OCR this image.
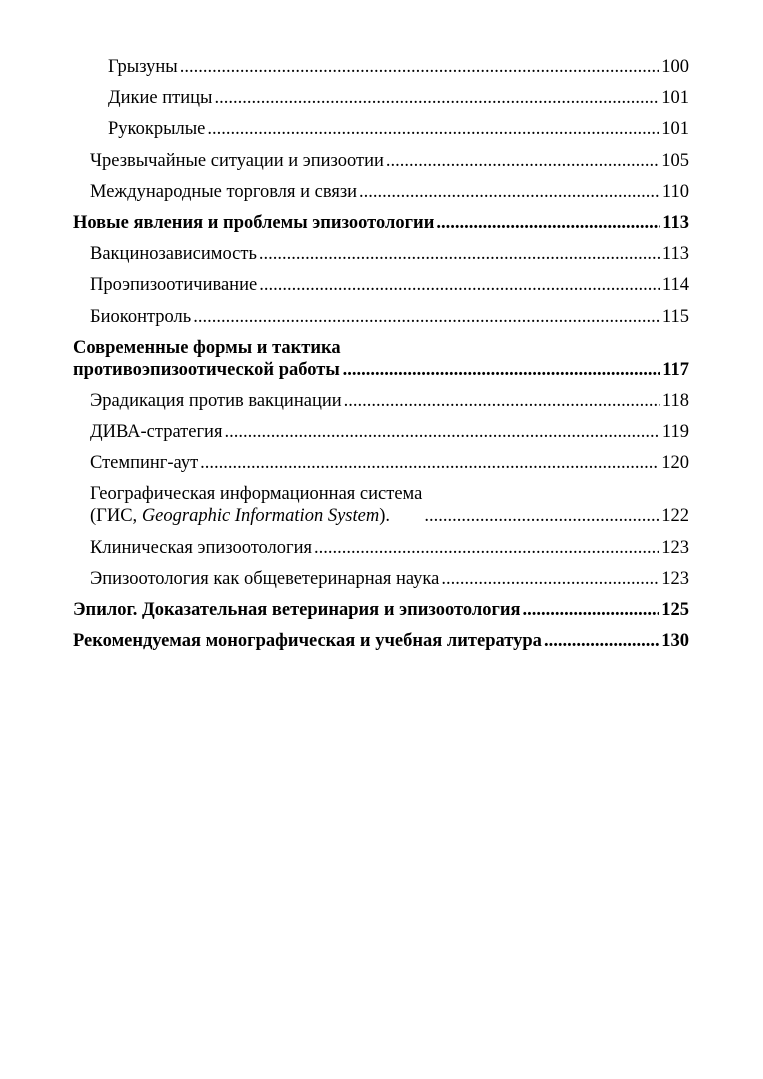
Грызуны .....	100
Дикие птицы .....	101
Рукокрылые .....	101
Чрезвычайные ситуации и эпизоотии .....	105
Международные торговля и связи .....	110
Новые явления и проблемы эпизоотологии .....	113
Вакцинозависимость .....	113
Проэпизоотичивание .....	114
Биоконтроль .....	115
Современные формы и тактика
противоэпизоотической работы .....	117
Эрадикация против вакцинации .....	118
ДИВА-стратегия .....	119
Стемпинг-аут .....	120
Географическая информационная система
(ГИС, Geographic Information System). .....	122
Клиническая эпизоотология .....	123
Эпизоотология как общеветеринарная наука .....	123
Эпилог. Доказательная ветеринария и эпизоотология .....	125
Рекомендуемая монографическая и учебная литература .....	130
